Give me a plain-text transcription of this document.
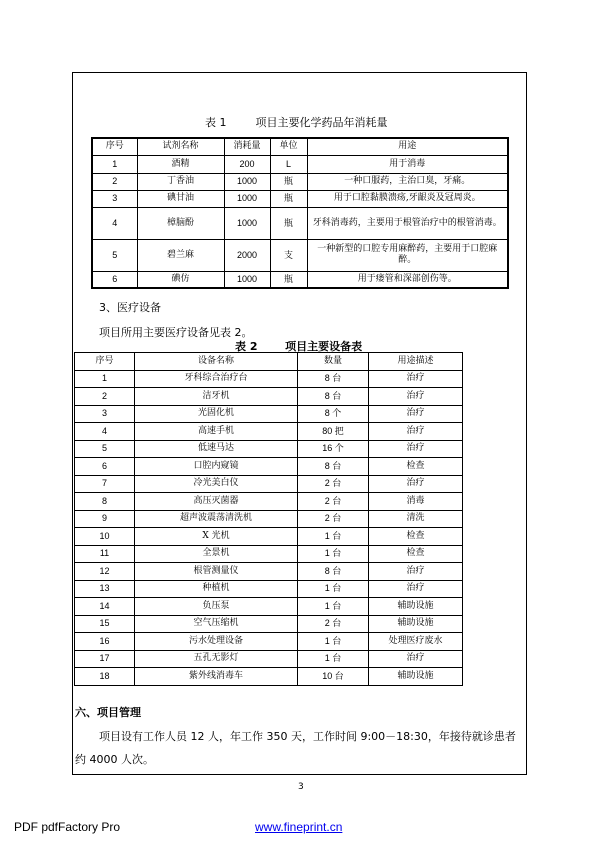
表 1	项目主要化学药品年消耗量
序号	试剂名称	消耗量	单位	用途
1	酒精	200	L	用于消毒
2	丁香油	1000	瓶	一种口服药，主治口臭，牙痛。
3	碘甘油	1000	瓶	用于口腔黏膜溃疡,牙龈炎及冠周炎。
4	樟脑酚	1000	瓶	牙科消毒药，主要用于根管治疗中的根管消毒。
5	碧兰麻	2000	支	一种新型的口腔专用麻醉药，主要用于口腔麻醉。
6	碘仿	1000	瓶	用于瘘管和深部创伤等。
3、医疗设备
项目所用主要医疗设备见表 2。
表 2	项目主要设备表
序号	设备名称	数量	用途描述
1	牙科综合治疗台	8 台	治疗
2	洁牙机	8 台	治疗
3	光固化机	8 个	治疗
4	高速手机	80 把	治疗
5	低速马达	16 个	治疗
6	口腔内窥镜	8 台	检查
7	冷光美白仪	2 台	治疗
8	高压灭菌器	2 台	消毒
9	超声波震荡清洗机	2 台	清洗
10	X 光机	1 台	检查
11	全景机	1 台	检查
12	根管测量仪	8 台	治疗
13	种植机	1 台	治疗
14	负压泵	1 台	辅助设施
15	空气压缩机	2 台	辅助设施
16	污水处理设备	1 台	处理医疗废水
17	五孔无影灯	1 台	治疗
18	紫外线消毒车	10 台	辅助设施
六、项目管理
项目设有工作人员 12 人，年工作 350 天，工作时间 9:00－18:30，年接待就诊患者
约 4000 人次。
3
PDF pdfFactory Pro	www.fineprint.cn
